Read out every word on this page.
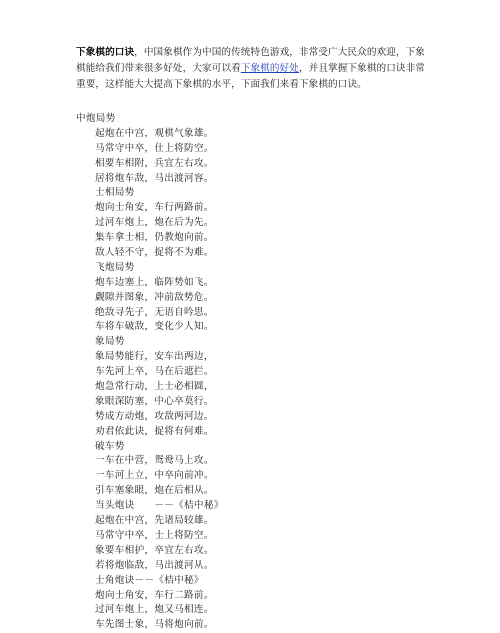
下象棋的口诀，中国象棋作为中国的传统特色游戏，非常受广大民众的欢迎，下象棋能给我们带来很多好处，大家可以看下象棋的好处，并且掌握下象棋的口诀非常重要，这样能大大提高下象棋的水平，下面我们来看下象棋的口诀。
中炮局势
起炮在中宫，观棋气象雄。
马常守中卒，仕上将防空。
相要车相附，兵宜左右攻。
居将炮车敌，马出渡河容。
士相局势
炮向士角安，车行两路前。
过河车炮上，炮在后为先。
集车拿士相，仍教炮向前。
敌人轻不守，捉将不为难。
飞炮局势
炮车边塞上，临阵势如飞。
觑隙并图象，冲前敌势危。
绝敌寻先子，无语自吟思。
车将车破敌，变化少人知。
象局势
象局势能行，安车出两边，
车先河上卒，马在后遮拦。
炮急常行动，上士必相圆，
象眼深防塞，中心卒莫行。
势成方动炮，攻敌两河边。
劝君依此诀，捉将有何难。
破车势
一车在中营，鸳鸯马上攻。
一车河上立，中卒向前冲。
引车塞象眼，炮在后相从。
当头炮诀　　－－《桔中秘》
起炮在中宫，先诸局较雄。
马常守中卒，士上将防空。
象要车相护，卒宜左右攻。
若将炮临敌，马出渡河从。
士角炮诀－－《桔中秘》
炮向士角安，车行二路前。
过河车炮上，炮又马相连。
车先图士象，马将炮向前。
